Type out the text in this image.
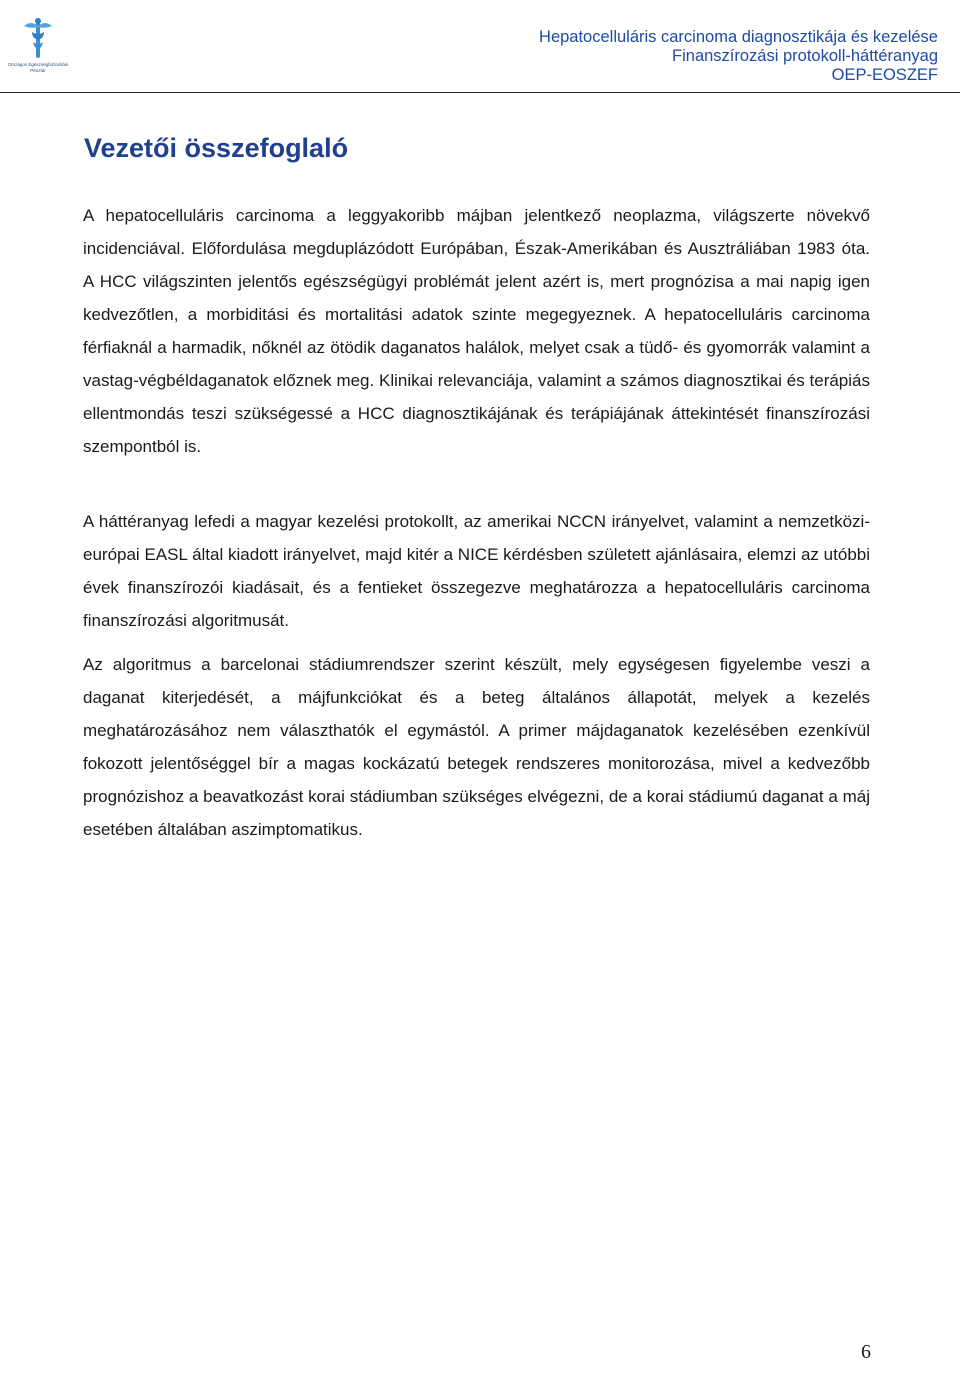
Országos Egészségbiztosítási
Pénztár
Hepatocelluláris carcinoma diagnosztikája és kezelése
Finanszírozási protokoll-háttéranyag
OEP-EOSZEF
Vezetői összefoglaló

A hepatocelluláris carcinoma a leggyakoribb májban jelentkező neoplazma, világszerte növekvő incidenciával. Előfordulása megduplázódott Európában, Észak-Amerikában és Ausztráliában 1983 óta. A HCC világszinten jelentős egészségügyi problémát jelent azért is, mert prognózisa a mai napig igen kedvezőtlen, a morbiditási és mortalitási adatok szinte megegyeznek. A hepatocelluláris carcinoma férfiaknál a harmadik, nőknél az ötödik daganatos halálok, melyet csak a tüdő- és gyomorrák valamint a vastag-végbéldaganatok előznek meg. Klinikai relevanciája, valamint a számos diagnosztikai és terápiás ellentmondás teszi szükségessé a HCC diagnosztikájának és terápiájának áttekintését finanszírozási szempontból is.

A háttéranyag lefedi a magyar kezelési protokollt, az amerikai NCCN irányelvet, valamint a nemzetközi-európai EASL által kiadott irányelvet, majd kitér a NICE kérdésben született ajánlásaira, elemzi az utóbbi évek finanszírozói kiadásait, és a fentieket összegezve meghatározza a hepatocelluláris carcinoma finanszírozási algoritmusát.

Az algoritmus a barcelonai stádiumrendszer szerint készült, mely egységesen figyelembe veszi a daganat kiterjedését, a májfunkciókat és a beteg általános állapotát, melyek a kezelés meghatározásához nem választhatók el egymástól. A primer májdaganatok kezelésében ezenkívül fokozott jelentőséggel bír a magas kockázatú betegek rendszeres monitorozása, mivel a kedvezőbb prognózishoz a beavatkozást korai stádiumban szükséges elvégezni, de a korai stádiumú daganat a máj esetében általában aszimptomatikus.

6
